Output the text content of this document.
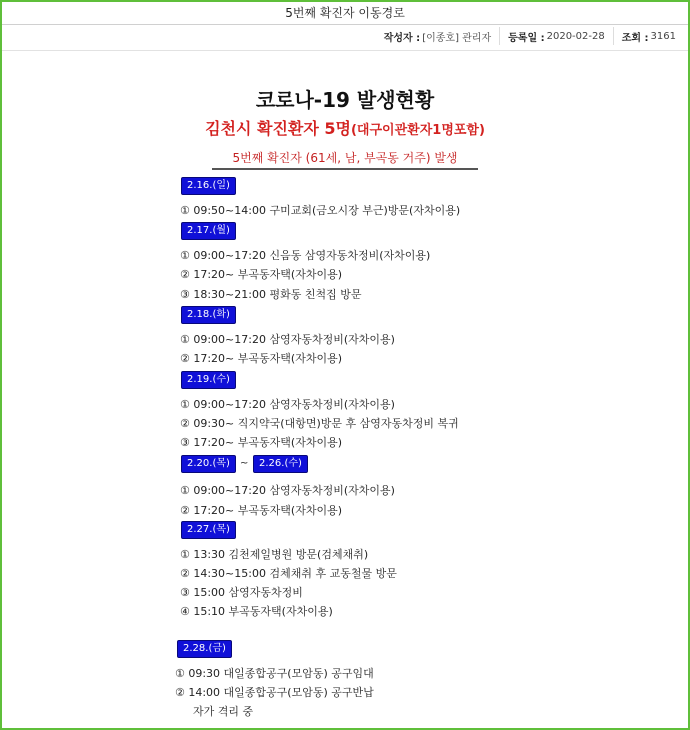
5번째 확진자 이동경로
작성자 : [이종호] 관리자 등록일 : 2020-02-28 조회 : 3161
코로나-19 발생현황
김천시 확진환자 5명(대구이관환자1명포함)
5번째 확진자 (61세, 남, 부곡동 거주) 발생
2.16.(일)
① 09:50~14:00 구미교회(금오시장 부근)방문(자차이용)
2.17.(월)
① 09:00~17:20 신음동 삼영자동차정비(자차이용)
② 17:20~ 부곡동자택(자차이용)
③ 18:30~21:00 평화동 친척집 방문
2.18.(화)
① 09:00~17:20 삼영자동차정비(자차이용)
② 17:20~ 부곡동자택(자차이용)
2.19.(수)
① 09:00~17:20 삼영자동차정비(자차이용)
② 09:30~ 직지약국(대항면)방문 후 삼영자동차정비 복귀
③ 17:20~ 부곡동자택(자차이용)
2.20.(목)	~	2.26.(수)
① 09:00~17:20 삼영자동차정비(자차이용)
② 17:20~ 부곡동자택(자차이용)
2.27.(목)
① 13:30 김천제일병원 방문(검체채취)
② 14:30~15:00 검체채취 후 교동철물 방문
③ 15:00 삼영자동차정비
④ 15:10 부곡동자택(자차이용)
2.28.(금)
① 09:30 대일종합공구(모암동) 공구임대
② 14:00 대일종합공구(모암동) 공구반납
자가 격리 중
